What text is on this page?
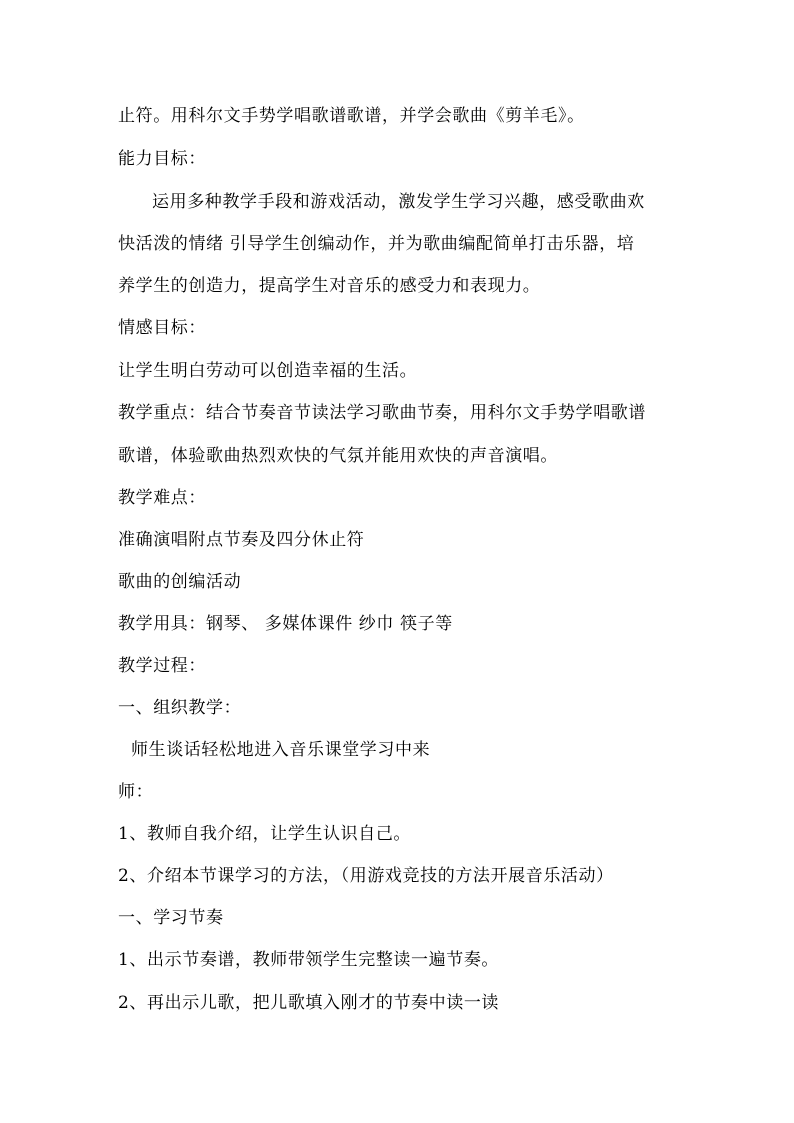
止符。用科尔文手势学唱歌谱歌谱，并学会歌曲《剪羊毛》。
能力目标：
运用多种教学手段和游戏活动，激发学生学习兴趣，感受歌曲欢
快活泼的情绪 引导学生创编动作，并为歌曲编配简单打击乐器，培
养学生的创造力，提高学生对音乐的感受力和表现力。
情感目标：
让学生明白劳动可以创造幸福的生活。
教学重点：结合节奏音节读法学习歌曲节奏，用科尔文手势学唱歌谱
歌谱，体验歌曲热烈欢快的气氛并能用欢快的声音演唱。
教学难点：
准确演唱附点节奏及四分休止符
歌曲的创编活动
教学用具：钢琴、 多媒体课件 纱巾 筷子等
教学过程：
一、组织教学：
师生谈话轻松地进入音乐课堂学习中来
师：
1、教师自我介绍，让学生认识自己。
2、介绍本节课学习的方法，（用游戏竞技的方法开展音乐活动）
一、学习节奏
1、出示节奏谱，教师带领学生完整读一遍节奏。
2、再出示儿歌，把儿歌填入刚才的节奏中读一读
